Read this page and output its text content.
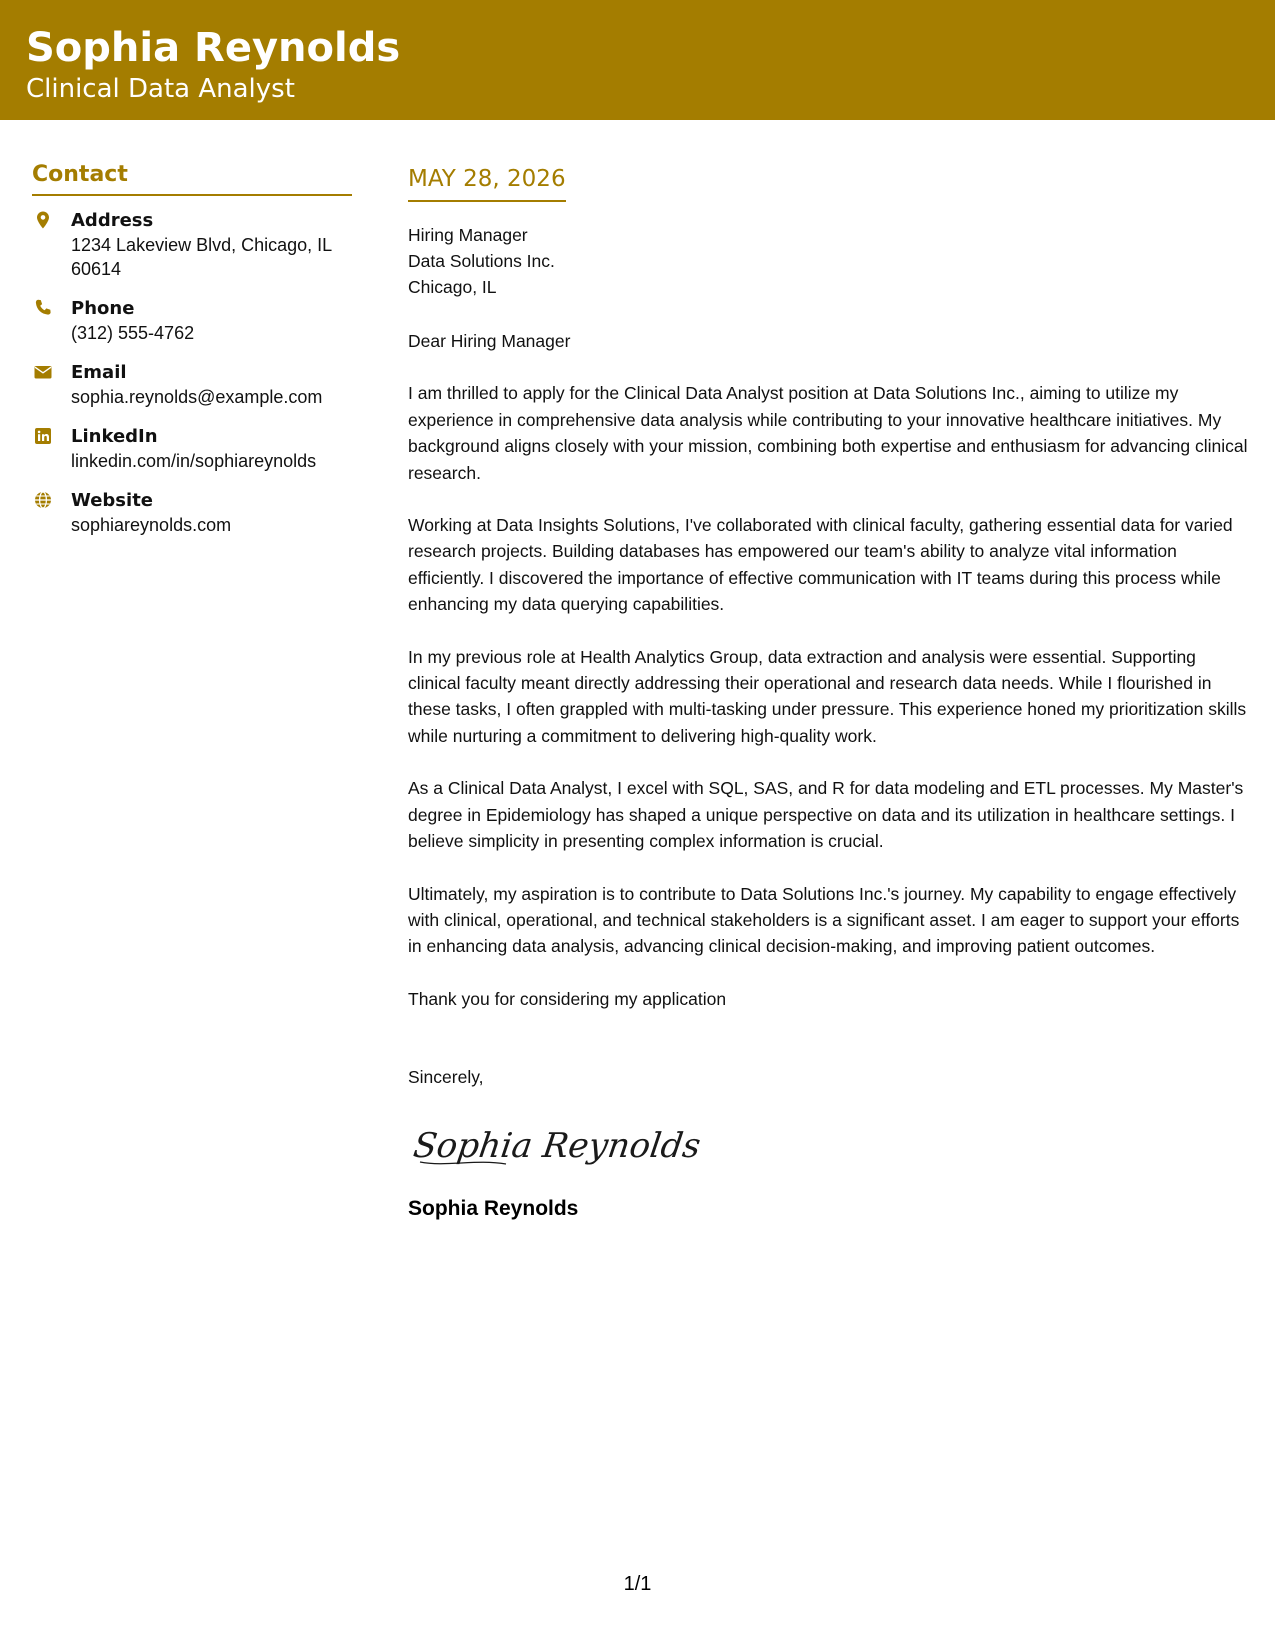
Sophia Reynolds
Clinical Data Analyst
Contact
Address
1234 Lakeview Blvd, Chicago, IL 60614
Phone
(312) 555-4762
Email
sophia.reynolds@example.com
LinkedIn
linkedin.com/in/sophiareynolds
Website
sophiareynolds.com
MAY 28, 2026
Hiring Manager
Data Solutions Inc.
Chicago, IL
Dear Hiring Manager
I am thrilled to apply for the Clinical Data Analyst position at Data Solutions Inc., aiming to utilize my experience in comprehensive data analysis while contributing to your innovative healthcare initiatives. My background aligns closely with your mission, combining both expertise and enthusiasm for advancing clinical research.
Working at Data Insights Solutions, I've collaborated with clinical faculty, gathering essential data for varied research projects. Building databases has empowered our team's ability to analyze vital information efficiently. I discovered the importance of effective communication with IT teams during this process while enhancing my data querying capabilities.
In my previous role at Health Analytics Group, data extraction and analysis were essential. Supporting clinical faculty meant directly addressing their operational and research data needs. While I flourished in these tasks, I often grappled with multi-tasking under pressure. This experience honed my prioritization skills while nurturing a commitment to delivering high-quality work.
As a Clinical Data Analyst, I excel with SQL, SAS, and R for data modeling and ETL processes. My Master's degree in Epidemiology has shaped a unique perspective on data and its utilization in healthcare settings. I believe simplicity in presenting complex information is crucial.
Ultimately, my aspiration is to contribute to Data Solutions Inc.'s journey. My capability to engage effectively with clinical, operational, and technical stakeholders is a significant asset. I am eager to support your efforts in enhancing data analysis, advancing clinical decision-making, and improving patient outcomes.
Thank you for considering my application
Sincerely,
Sophia Reynolds
Sophia Reynolds
1/1
